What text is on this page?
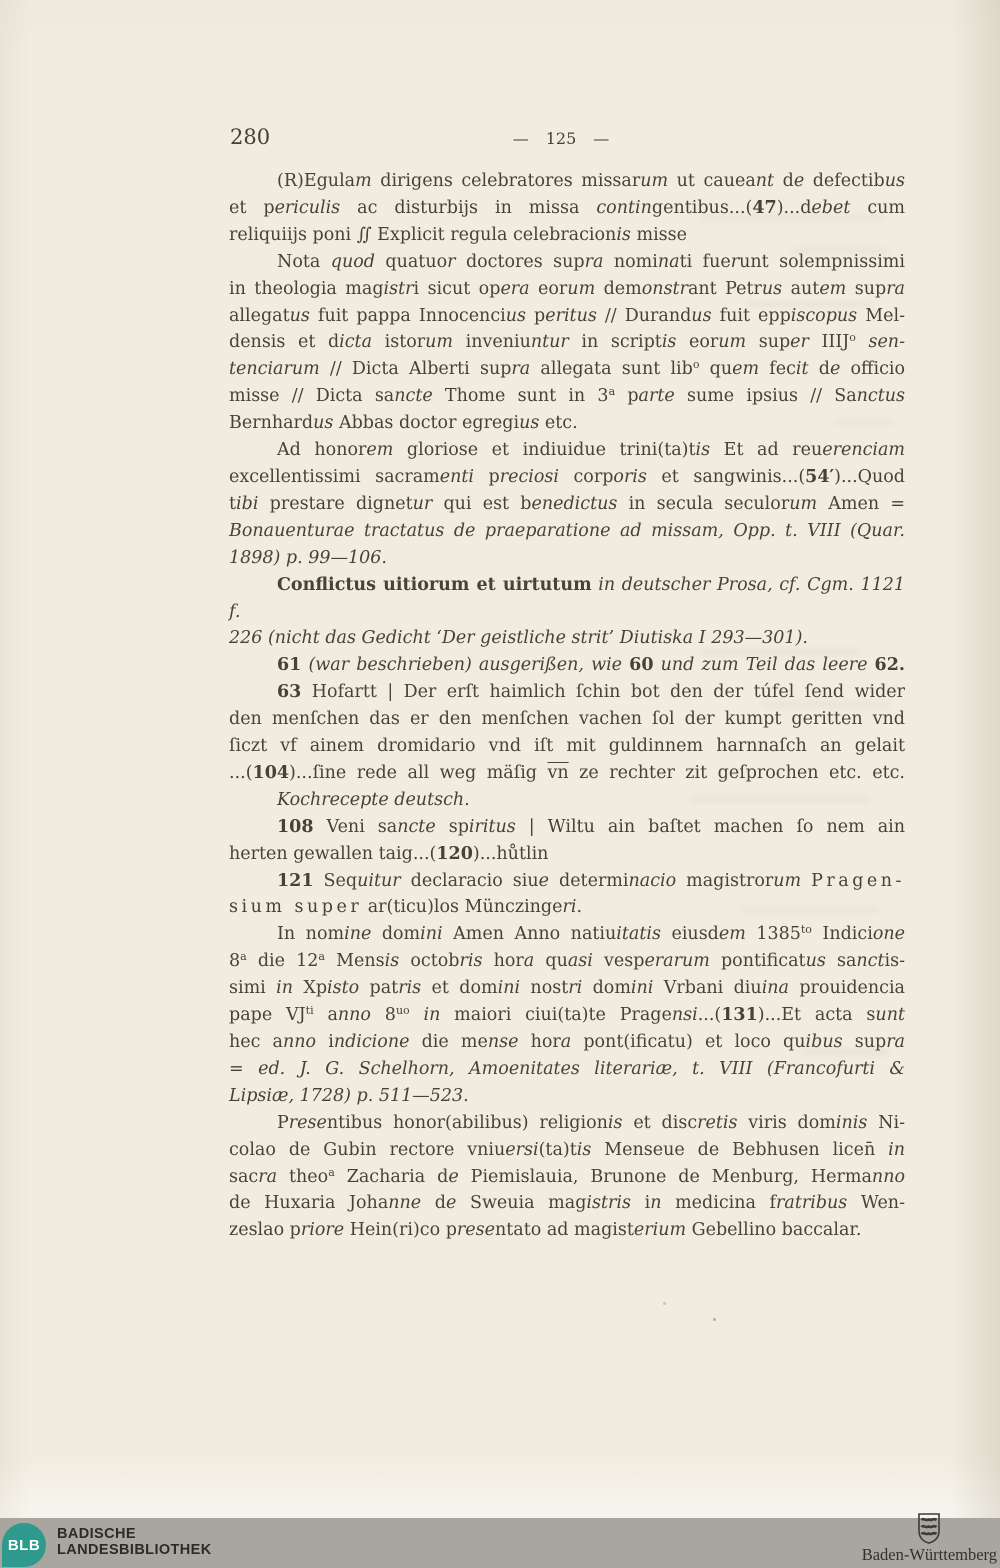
280	— 125 —
(R)Egulam dirigens celebratores missarum ut caueant de defectibus
et periculis ac disturbijs in missa contingentibus...(47)...debet cum
reliquiijs poni ∬ Explicit regula celebracionis misse
Nota quod quatuor doctores supra nominati fuerunt solempnissimi
in theologia magistri sicut opera eorum demonstrant Petrus autem supra
allegatus fuit pappa Innocencius peritus // Durandus fuit eppiscopus Mel-
densis et dicta istorum inveniuntur in scriptis eorum super IIIJ$^o$ sen-
tenciarum // Dicta Alberti supra allegata sunt lib$^o$ quem fecit de officio
misse // Dicta sancte Thome sunt in 3$^a$ parte sume ipsius // Sanctus
Bernhardus Abbas doctor egregius etc.
Ad honorem gloriose et indiuidue trini(ta)tis Et ad reuerenciam
excellentissimi sacramenti preciosi corporis et sangwinis...(54′)...Quod
tibi prestare dignetur qui est benedictus in secula seculorum Amen =
Bonauenturae tractatus de praeparatione ad missam, Opp. t. VIII (Quar.
1898) p. 99—106.
Conflictus uitiorum et uirtutum in deutscher Prosa, cf. Cgm. 1121 f.
226 (nicht das Gedicht ‘Der geistliche strit’ Diutiska I 293—301).
61 (war beschrieben) ausgerißen, wie 60 und zum Teil das leere 62.
63 Hofartt | Der erſt haimlich ſchin bot den der túfel ſend wider
den menſchen das er den menſchen vachen ſol der kumpt geritten vnd
ſiczt vf ainem dromidario vnd iſt mit guldinnem harnnaſch an gelait
...(104)...ſine rede all weg mäſig $\overline{vn}$ ze rechter zit geſprochen etc. etc.
Kochrecepte deutsch.
108 Veni sancte spiritus | Wiltu ain baſtet machen ſo nem ain
herten gewallen taig...(120)...hůtlin
121 Sequitur declaracio siue determinacio magistrorum Pragen-
sium super ar(ticu)los Münczingeri.
In nomine domini Amen Anno natiuitatis eiusdem $1385^{to}$ Indicione
8$^a$ die 12$^a$ Mensis octobris hora quasi vesperarum pontificatus sanctis-
simi in Xpisto patris et domini nostri domini Vrbani diuina prouidencia
pape $VJ^{ti}$ anno $8^{uo}$ in maiori ciui(ta)te Pragensi...(131)...Et acta sunt
hec anno indicione die mense hora pont(ificatu) et loco quibus supra
= ed. J. G. Schelhorn, Amoenitates literariæ, t. VIII (Francofurti &
Lipsiæ, 1728) p. 511—523.
Presentibus honor(abilibus) religionis et discretis viris dominis Ni-
colao de Gubin rectore vniuersi(ta)tis Menseue de Bebhusen licen̄ in
sacra theo$^a$ Zacharia de Piemislauia, Brunone de Menburg, Hermanno
de Huxaria Johanne de Sweuia magistris in medicina fratribus Wen-
zeslao priore Hein(ri)co presentato ad magisterium Gebellino baccalar.
BLB
BADISCHE
LANDESBIBLIOTHEK	Baden-Württemberg
